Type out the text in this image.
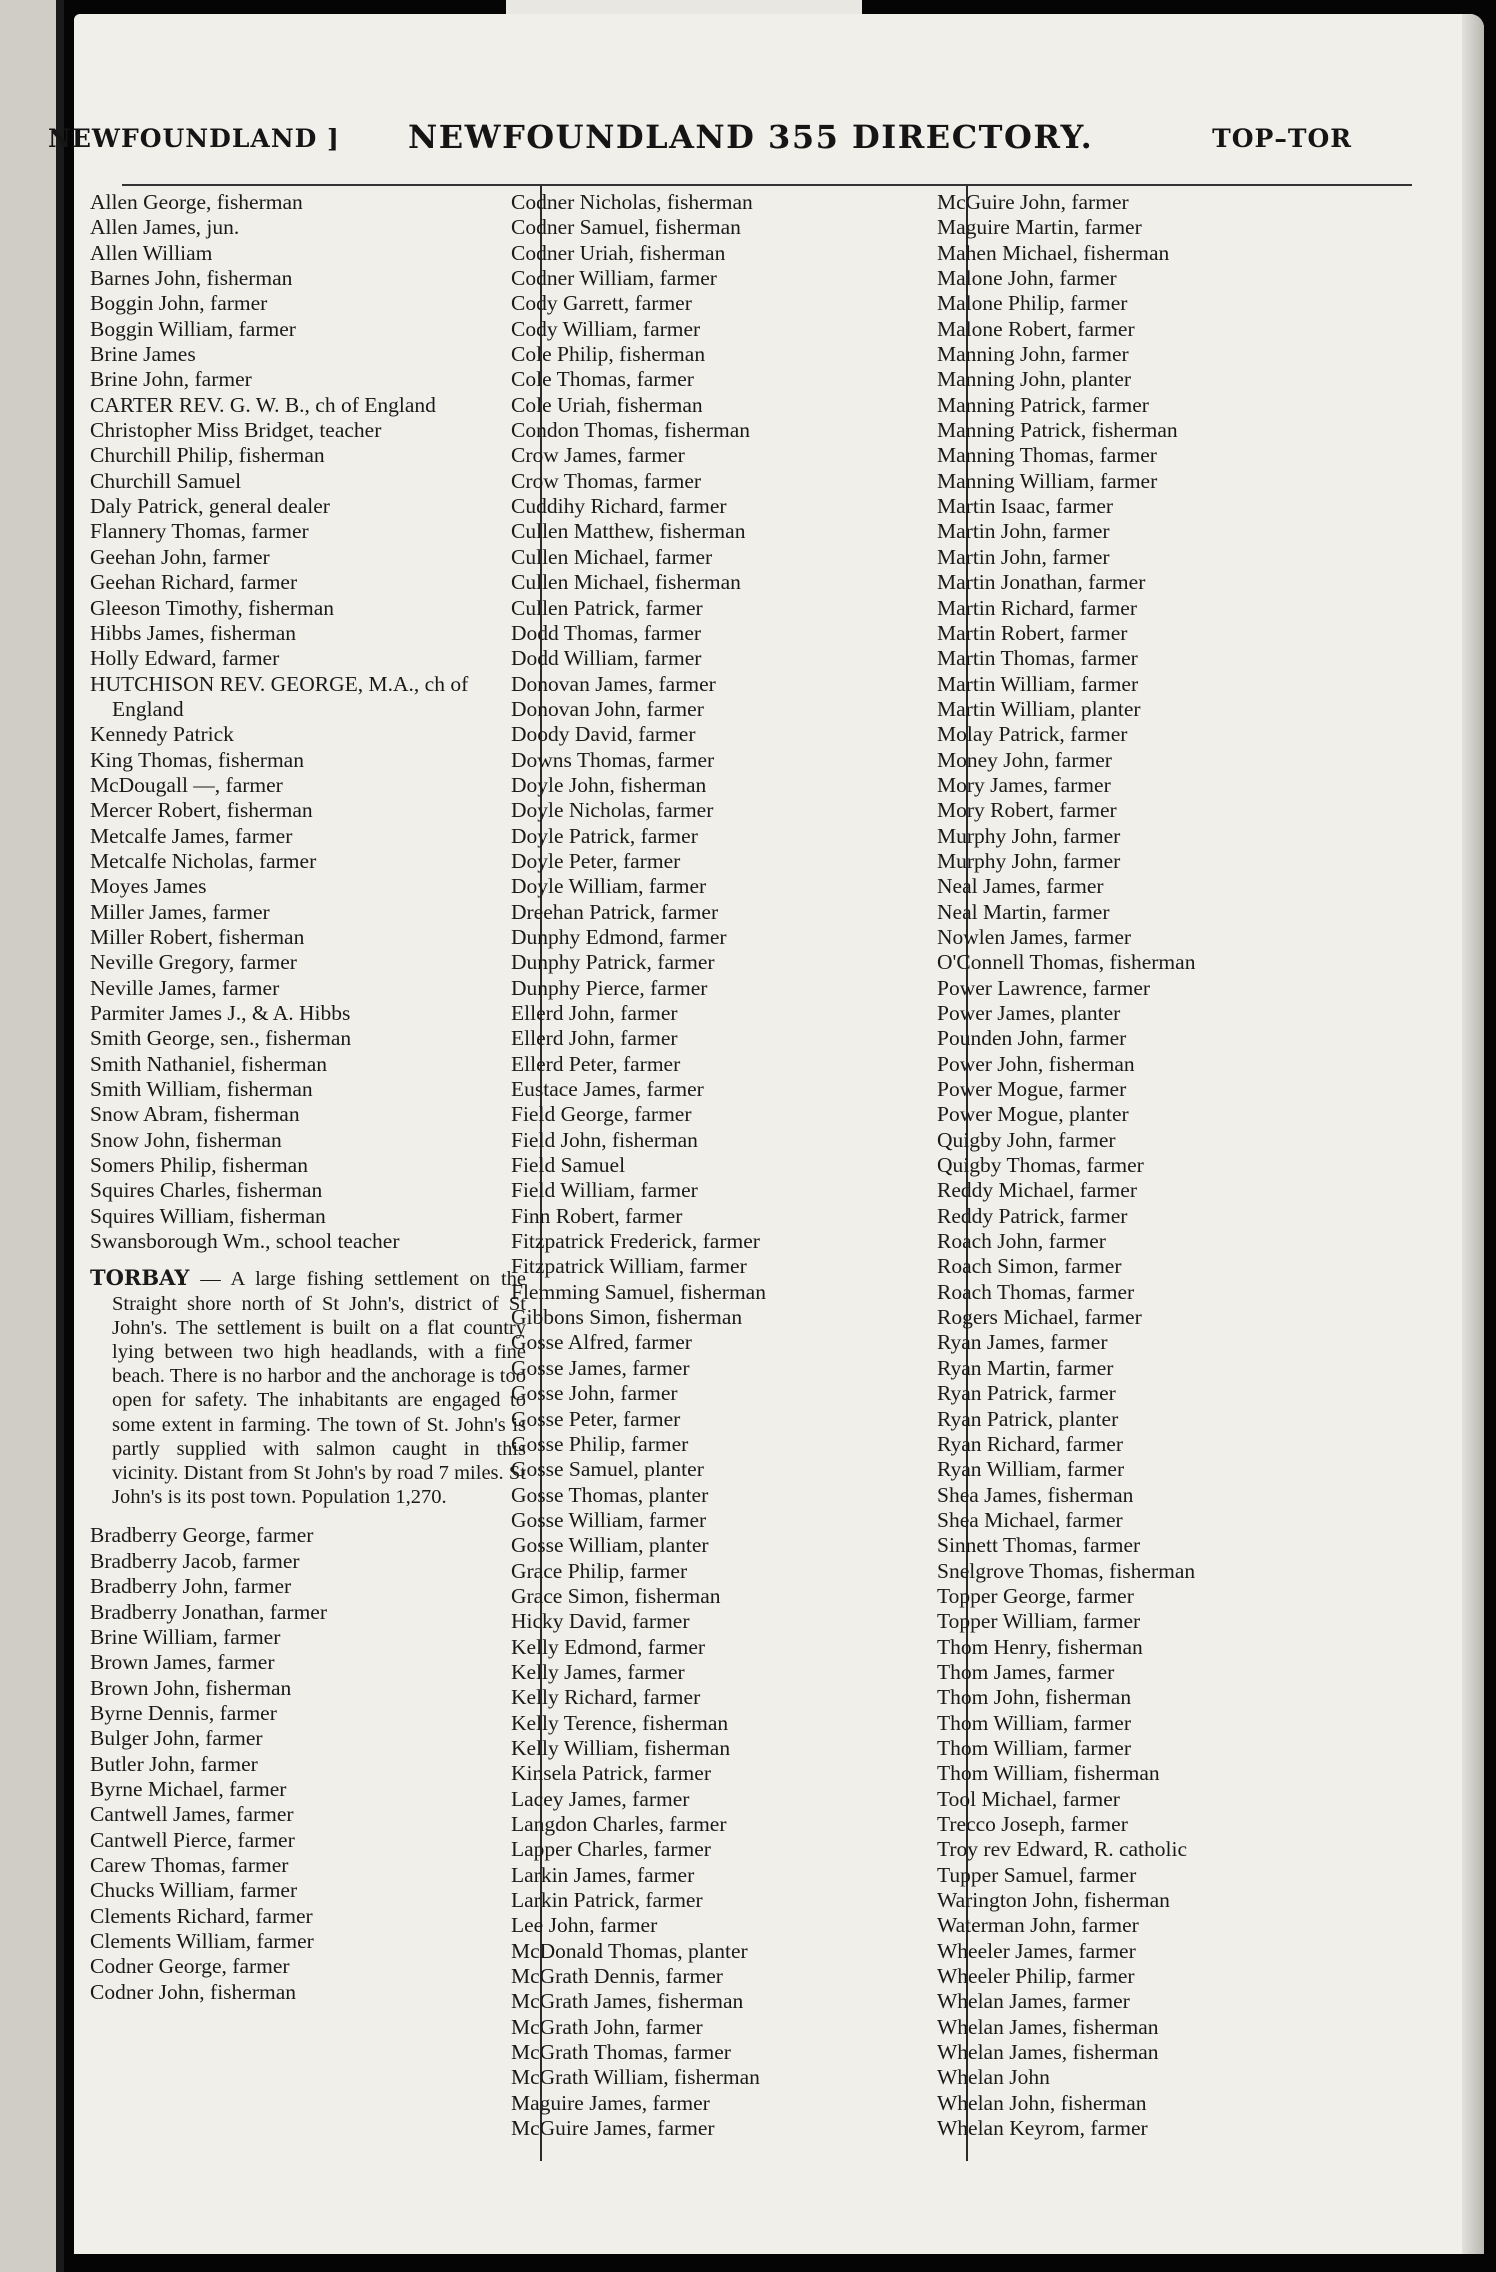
NEWFOUNDLAND ] NEWFOUNDLAND 355 DIRECTORY.	TOP–TOR
Allen George, fisherman
Allen James, jun.
Allen William
Barnes John, fisherman
Boggin John, farmer
Boggin William, farmer
Brine James
Brine John, farmer
CARTER REV. G. W. B., ch of England
Christopher Miss Bridget, teacher
Churchill Philip, fisherman
Churchill Samuel
Daly Patrick, general dealer
Flannery Thomas, farmer
Geehan John, farmer
Geehan Richard, farmer
Gleeson Timothy, fisherman
Hibbs James, fisherman
Holly Edward, farmer
HUTCHISON REV. GEORGE, M.A., ch of England
Kennedy Patrick
King Thomas, fisherman
McDougall —, farmer
Mercer Robert, fisherman
Metcalfe James, farmer
Metcalfe Nicholas, farmer
Moyes James
Miller James, farmer
Miller Robert, fisherman
Neville Gregory, farmer
Neville James, farmer
Parmiter James J., & A. Hibbs
Smith George, sen., fisherman
Smith Nathaniel, fisherman
Smith William, fisherman
Snow Abram, fisherman
Snow John, fisherman
Somers Philip, fisherman
Squires Charles, fisherman
Squires William, fisherman
Swansborough Wm., school teacher
TORBAY — A large fishing settlement on the Straight shore north of St John's, district of St John's. The settlement is built on a flat country lying between two high headlands, with a fine beach. There is no harbor and the anchorage is too open for safety. The inhabitants are engaged to some extent in farming. The town of St. John's is partly supplied with salmon caught in this vicinity. Distant from St John's by road 7 miles. St John's is its post town. Population 1,270.
Bradberry George, farmer
Bradberry Jacob, farmer
Bradberry John, farmer
Bradberry Jonathan, farmer
Brine William, farmer
Brown James, farmer
Brown John, fisherman
Byrne Dennis, farmer
Bulger John, farmer
Butler John, farmer
Byrne Michael, farmer
Cantwell James, farmer
Cantwell Pierce, farmer
Carew Thomas, farmer
Chucks William, farmer
Clements Richard, farmer
Clements William, farmer
Codner George, farmer
Codner John, fisherman
Codner Nicholas, fisherman
Codner Samuel, fisherman
Codner Uriah, fisherman
Codner William, farmer
Cody Garrett, farmer
Cody William, farmer
Cole Philip, fisherman
Cole Thomas, farmer
Cole Uriah, fisherman
Condon Thomas, fisherman
Crow James, farmer
Crow Thomas, farmer
Cuddihy Richard, farmer
Cullen Matthew, fisherman
Cullen Michael, farmer
Cullen Michael, fisherman
Cullen Patrick, farmer
Dodd Thomas, farmer
Dodd William, farmer
Donovan James, farmer
Donovan John, farmer
Doody David, farmer
Downs Thomas, farmer
Doyle John, fisherman
Doyle Nicholas, farmer
Doyle Patrick, farmer
Doyle Peter, farmer
Doyle William, farmer
Dreehan Patrick, farmer
Dunphy Edmond, farmer
Dunphy Patrick, farmer
Dunphy Pierce, farmer
Ellerd John, farmer
Ellerd John, farmer
Ellerd Peter, farmer
Eustace James, farmer
Field George, farmer
Field John, fisherman
Field Samuel
Field William, farmer
Finn Robert, farmer
Fitzpatrick Frederick, farmer
Fitzpatrick William, farmer
Flemming Samuel, fisherman
Gibbons Simon, fisherman
Gosse Alfred, farmer
Gosse James, farmer
Gosse John, farmer
Gosse Peter, farmer
Gosse Philip, farmer
Gosse Samuel, planter
Gosse Thomas, planter
Gosse William, farmer
Gosse William, planter
Grace Philip, farmer
Grace Simon, fisherman
Hicky David, farmer
Kelly Edmond, farmer
Kelly James, farmer
Kelly Richard, farmer
Kelly Terence, fisherman
Kelly William, fisherman
Kinsela Patrick, farmer
Lacey James, farmer
Langdon Charles, farmer
Lapper Charles, farmer
Larkin James, farmer
Larkin Patrick, farmer
Lee John, farmer
McDonald Thomas, planter
McGrath Dennis, farmer
McGrath James, fisherman
McGrath John, farmer
McGrath Thomas, farmer
McGrath William, fisherman
Maguire James, farmer
McGuire James, farmer
McGuire John, farmer
Maguire Martin, farmer
Mahen Michael, fisherman
Malone John, farmer
Malone Philip, farmer
Malone Robert, farmer
Manning John, farmer
Manning John, planter
Manning Patrick, farmer
Manning Patrick, fisherman
Manning Thomas, farmer
Manning William, farmer
Martin Isaac, farmer
Martin John, farmer
Martin John, farmer
Martin Jonathan, farmer
Martin Richard, farmer
Martin Robert, farmer
Martin Thomas, farmer
Martin William, farmer
Martin William, planter
Molay Patrick, farmer
Money John, farmer
Mory James, farmer
Mory Robert, farmer
Murphy John, farmer
Murphy John, farmer
Neal James, farmer
Neal Martin, farmer
Nowlen James, farmer
O'Connell Thomas, fisherman
Power Lawrence, farmer
Power James, planter
Pounden John, farmer
Power John, fisherman
Power Mogue, farmer
Power Mogue, planter
Quigby John, farmer
Quigby Thomas, farmer
Reddy Michael, farmer
Reddy Patrick, farmer
Roach John, farmer
Roach Simon, farmer
Roach Thomas, farmer
Rogers Michael, farmer
Ryan James, farmer
Ryan Martin, farmer
Ryan Patrick, farmer
Ryan Patrick, planter
Ryan Richard, farmer
Ryan William, farmer
Shea James, fisherman
Shea Michael, farmer
Sinnett Thomas, farmer
Snelgrove Thomas, fisherman
Topper George, farmer
Topper William, farmer
Thom Henry, fisherman
Thom James, farmer
Thom John, fisherman
Thom William, farmer
Thom William, farmer
Thom William, fisherman
Tool Michael, farmer
Trecco Joseph, farmer
Troy rev Edward, R. catholic
Tupper Samuel, farmer
Warington John, fisherman
Waterman John, farmer
Wheeler James, farmer
Wheeler Philip, farmer
Whelan James, farmer
Whelan James, fisherman
Whelan James, fisherman
Whelan John
Whelan John, fisherman
Whelan Keyrom, farmer
